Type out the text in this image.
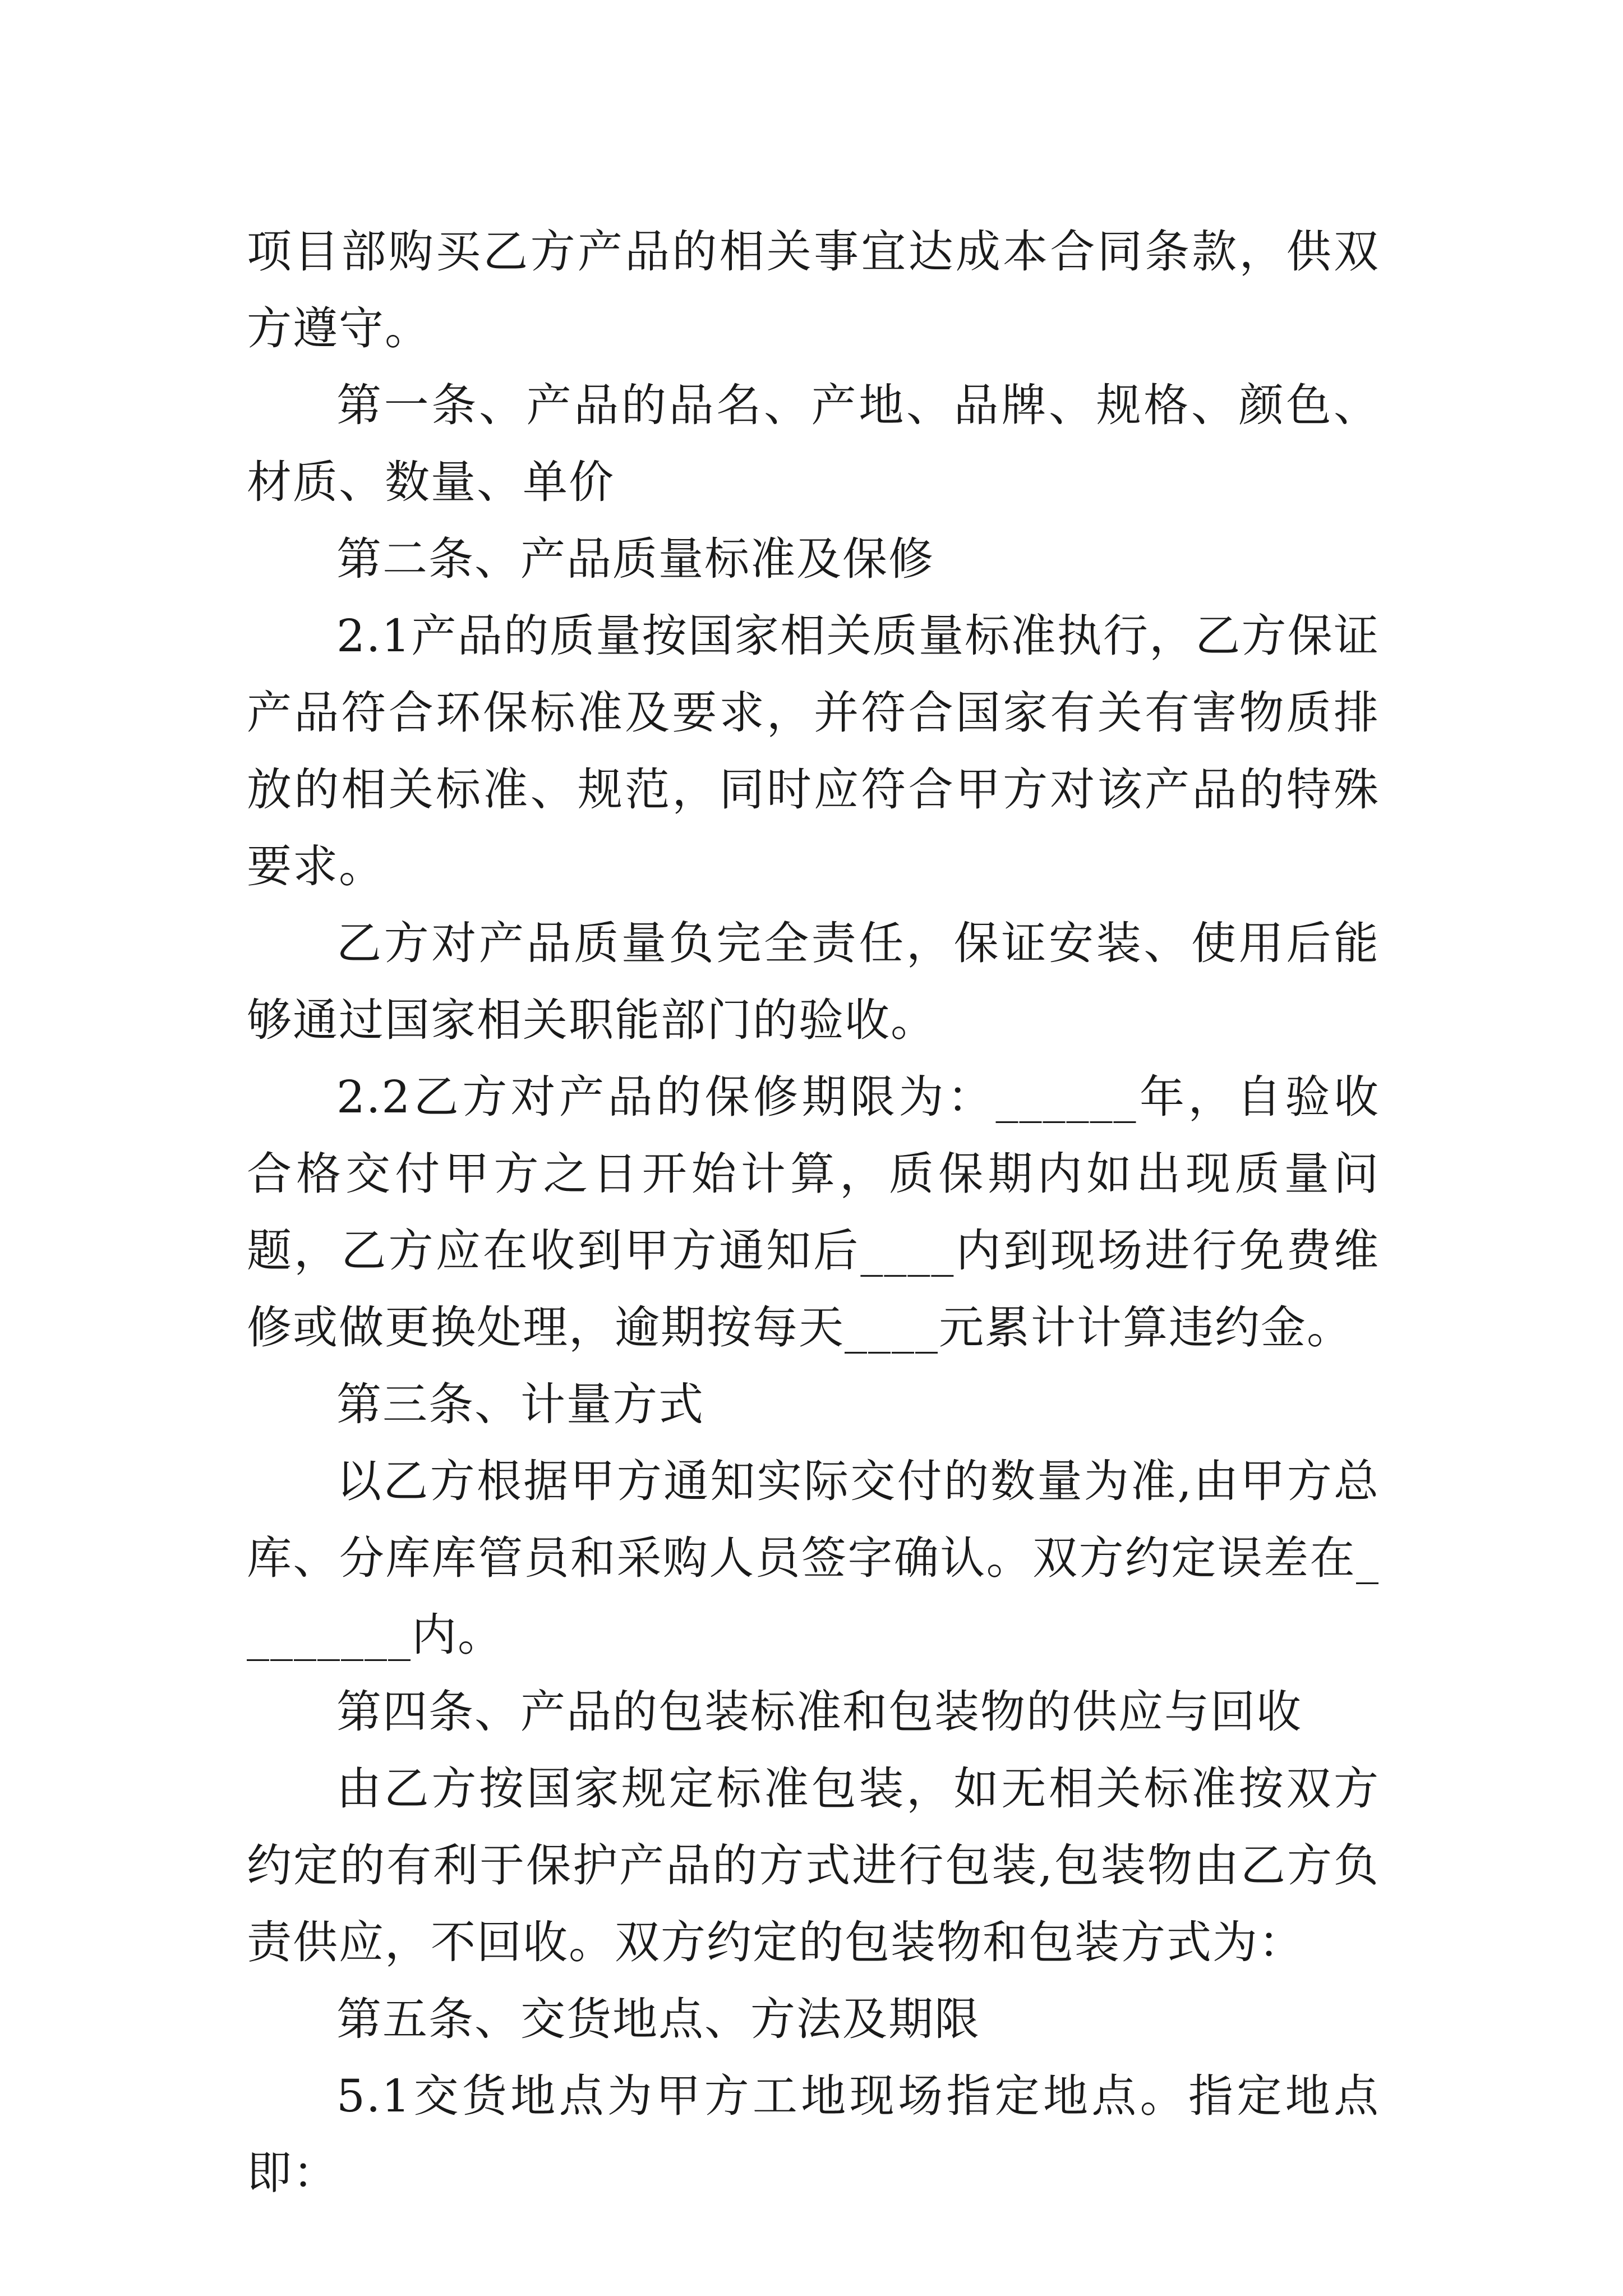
项目部购买乙方产品的相关事宜达成本合同条款，供双方遵守。

第一条、产品的品名、产地、品牌、规格、颜色、材质、数量、单价

第二条、产品质量标准及保修

2.1产品的质量按国家相关质量标准执行，乙方保证产品符合环保标准及要求，并符合国家有关有害物质排放的相关标准、规范，同时应符合甲方对该产品的特殊要求。

乙方对产品质量负完全责任，保证安装、使用后能够通过国家相关职能部门的验收。

2.2乙方对产品的保修期限为：______年，自验收合格交付甲方之日开始计算，质保期内如出现质量问题，乙方应在收到甲方通知后____内到现场进行免费维修或做更换处理，逾期按每天____元累计计算违约金。

第三条、计量方式

以乙方根据甲方通知实际交付的数量为准,由甲方总库、分库库管员和采购人员签字确认。双方约定误差在________内。

第四条、产品的包装标准和包装物的供应与回收

由乙方按国家规定标准包装，如无相关标准按双方约定的有利于保护产品的方式进行包装,包装物由乙方负责供应，不回收。双方约定的包装物和包装方式为：

第五条、交货地点、方法及期限

5.1交货地点为甲方工地现场指定地点。指定地点即：
